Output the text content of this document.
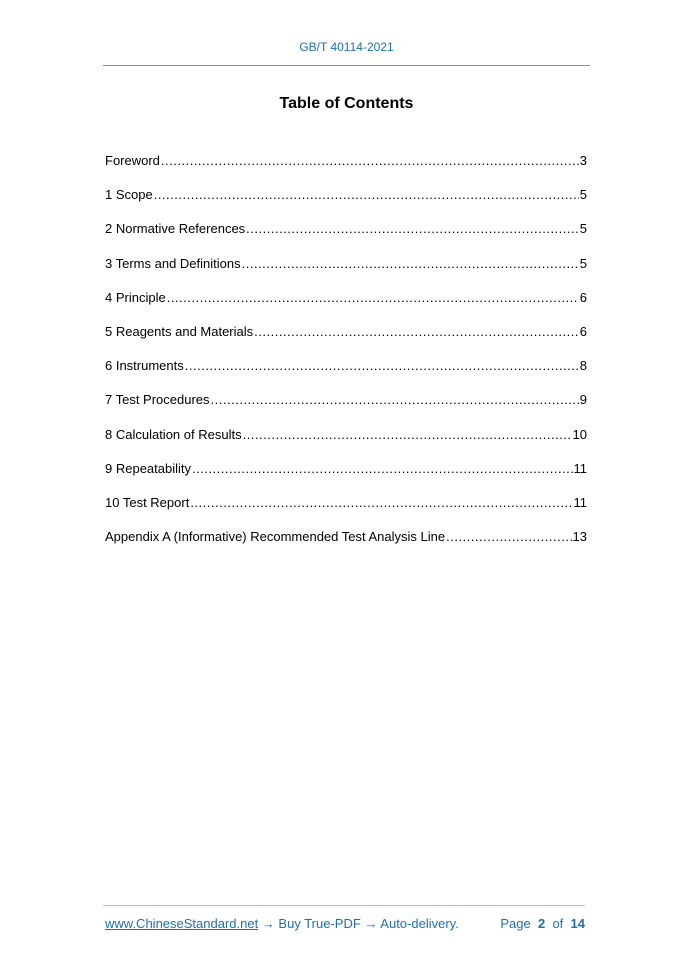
GB/T 40114-2021
Table of Contents
Foreword .....	3
1 Scope .....	5
2 Normative References .....	5
3 Terms and Definitions .....	5
4 Principle .....	6
5 Reagents and Materials .....	6
6 Instruments .....	8
7 Test Procedures .....	9
8 Calculation of Results .....	10
9 Repeatability .....	11
10 Test Report .....	11
Appendix A (Informative) Recommended Test Analysis Line .....	13
www.ChineseStandard.net → Buy True-PDF → Auto-delivery.	Page 2 of 14
